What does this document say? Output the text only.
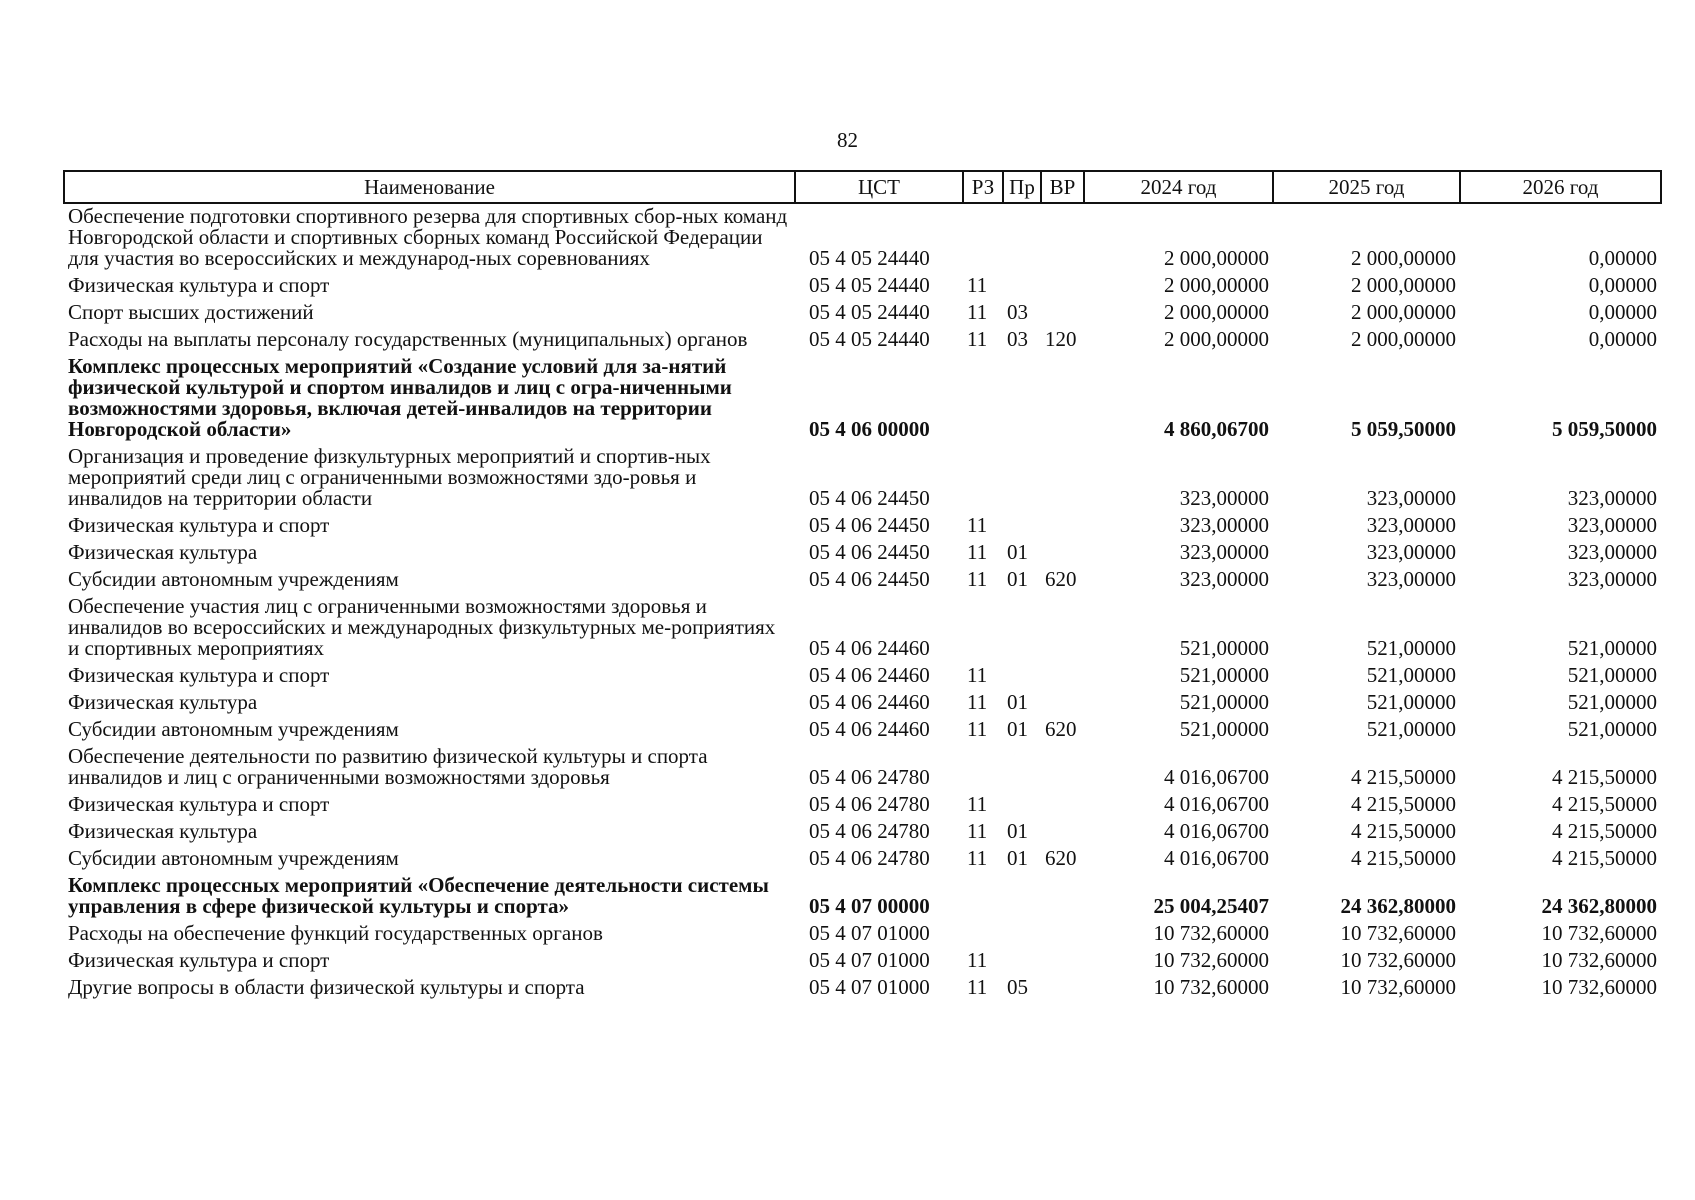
82
Наименование	ЦСТ	РЗ	Пр	ВР	2024 год	2025 год	2026 год
Обеспечение подготовки спортивного резерва для спортивных сбор-ных команд Новгородской области и спортивных сборных команд Российской Федерации для участия во всероссийских и международ-ных соревнованиях	05 4 05 24440				2 000,00000	2 000,00000	0,00000
Физическая культура и спорт	05 4 05 24440	11			2 000,00000	2 000,00000	0,00000
Спорт высших достижений	05 4 05 24440	11	03		2 000,00000	2 000,00000	0,00000
Расходы на выплаты персоналу государственных (муниципальных) органов	05 4 05 24440	11	03	120	2 000,00000	2 000,00000	0,00000
Комплекс процессных мероприятий «Создание условий для за-нятий физической культурой и спортом инвалидов и лиц с огра-ниченными возможностями здоровья, включая детей-инвалидов на территории Новгородской области»	05 4 06 00000				4 860,06700	5 059,50000	5 059,50000
Организация и проведение физкультурных мероприятий и спортив-ных мероприятий среди лиц с ограниченными возможностями здо-ровья и инвалидов на территории области	05 4 06 24450				323,00000	323,00000	323,00000
Физическая культура и спорт	05 4 06 24450	11			323,00000	323,00000	323,00000
Физическая культура	05 4 06 24450	11	01		323,00000	323,00000	323,00000
Субсидии автономным учреждениям	05 4 06 24450	11	01	620	323,00000	323,00000	323,00000
Обеспечение участия лиц с ограниченными возможностями здоровья и инвалидов во всероссийских и международных физкультурных ме-роприятиях и спортивных мероприятиях	05 4 06 24460				521,00000	521,00000	521,00000
Физическая культура и спорт	05 4 06 24460	11			521,00000	521,00000	521,00000
Физическая культура	05 4 06 24460	11	01		521,00000	521,00000	521,00000
Субсидии автономным учреждениям	05 4 06 24460	11	01	620	521,00000	521,00000	521,00000
Обеспечение деятельности по развитию физической культуры и спорта инвалидов и лиц с ограниченными возможностями здоровья	05 4 06 24780				4 016,06700	4 215,50000	4 215,50000
Физическая культура и спорт	05 4 06 24780	11			4 016,06700	4 215,50000	4 215,50000
Физическая культура	05 4 06 24780	11	01		4 016,06700	4 215,50000	4 215,50000
Субсидии автономным учреждениям	05 4 06 24780	11	01	620	4 016,06700	4 215,50000	4 215,50000
Комплекс процессных мероприятий «Обеспечение деятельности системы управления в сфере физической культуры и спорта»	05 4 07 00000				25 004,25407	24 362,80000	24 362,80000
Расходы на обеспечение функций государственных органов	05 4 07 01000				10 732,60000	10 732,60000	10 732,60000
Физическая культура и спорт	05 4 07 01000	11			10 732,60000	10 732,60000	10 732,60000
Другие вопросы в области физической культуры и спорта	05 4 07 01000	11	05		10 732,60000	10 732,60000	10 732,60000
